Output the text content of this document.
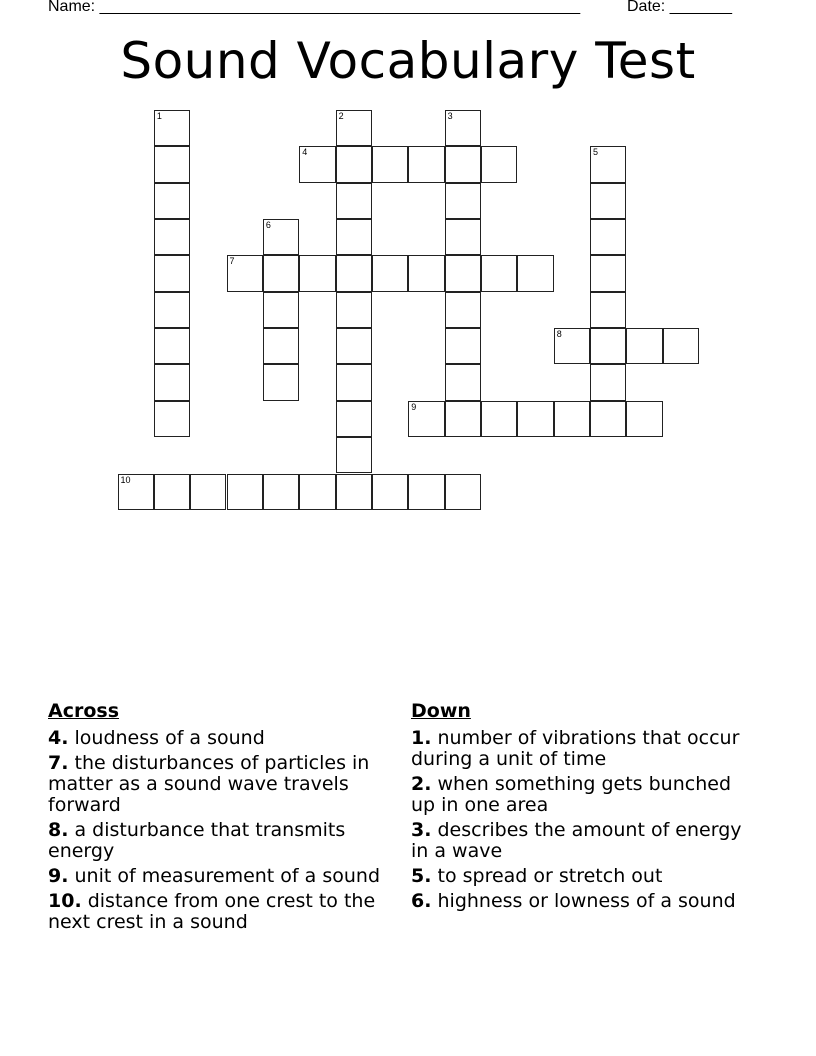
Name: ______________________________________________________	Date: _______
Sound Vocabulary Test
1	2	3
4	5
6
7
8
9
10
Across
4. loudness of a sound
7. the disturbances of particles in matter as a sound wave travels forward
8. a disturbance that transmits energy
9. unit of measurement of a sound
10. distance from one crest to the next crest in a sound
Down
1. number of vibrations that occur during a unit of time
2. when something gets bunched up in one area
3. describes the amount of energy in a wave
5. to spread or stretch out
6. highness or lowness of a sound
